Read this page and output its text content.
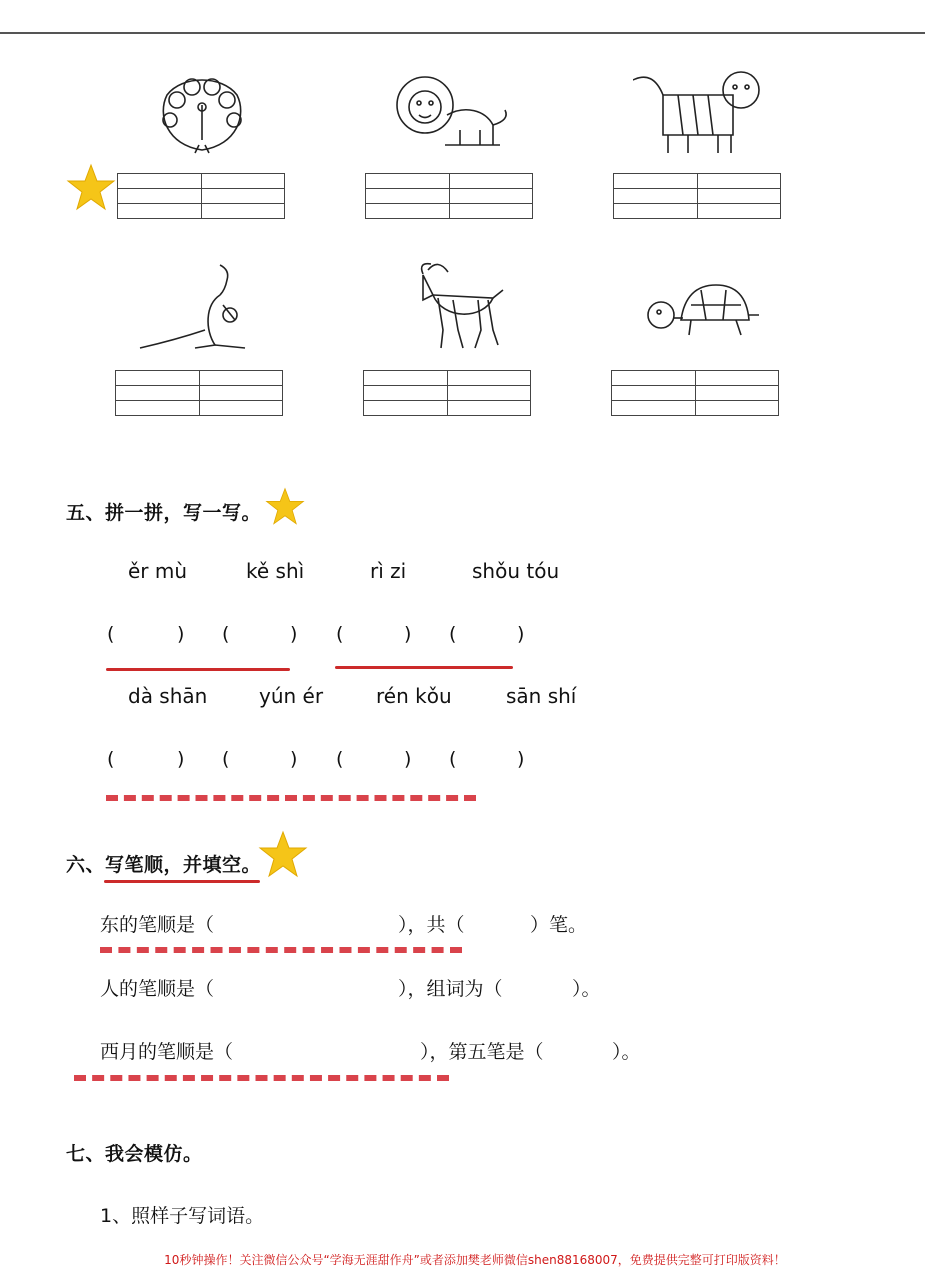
五、拼一拼，写一写。
ěr mù	kě shì	rì zi	shǒu tóu
(	) (	) (	) (	)
dà shān	yún ér	rén kǒu	sān shí
(	) (	) (	) (	)
六、写笔顺，并填空。
东的笔顺是（	），共（	）笔。
人的笔顺是（	），组词为（	）。
西月的笔顺是（	），第五笔是（	）。
七、我会模仿。
1、照样子写词语。
10秒钟操作！关注微信公众号“学海无涯甜作舟”或者添加樊老师微信shen88168007，免费提供完整可打印版资料！
